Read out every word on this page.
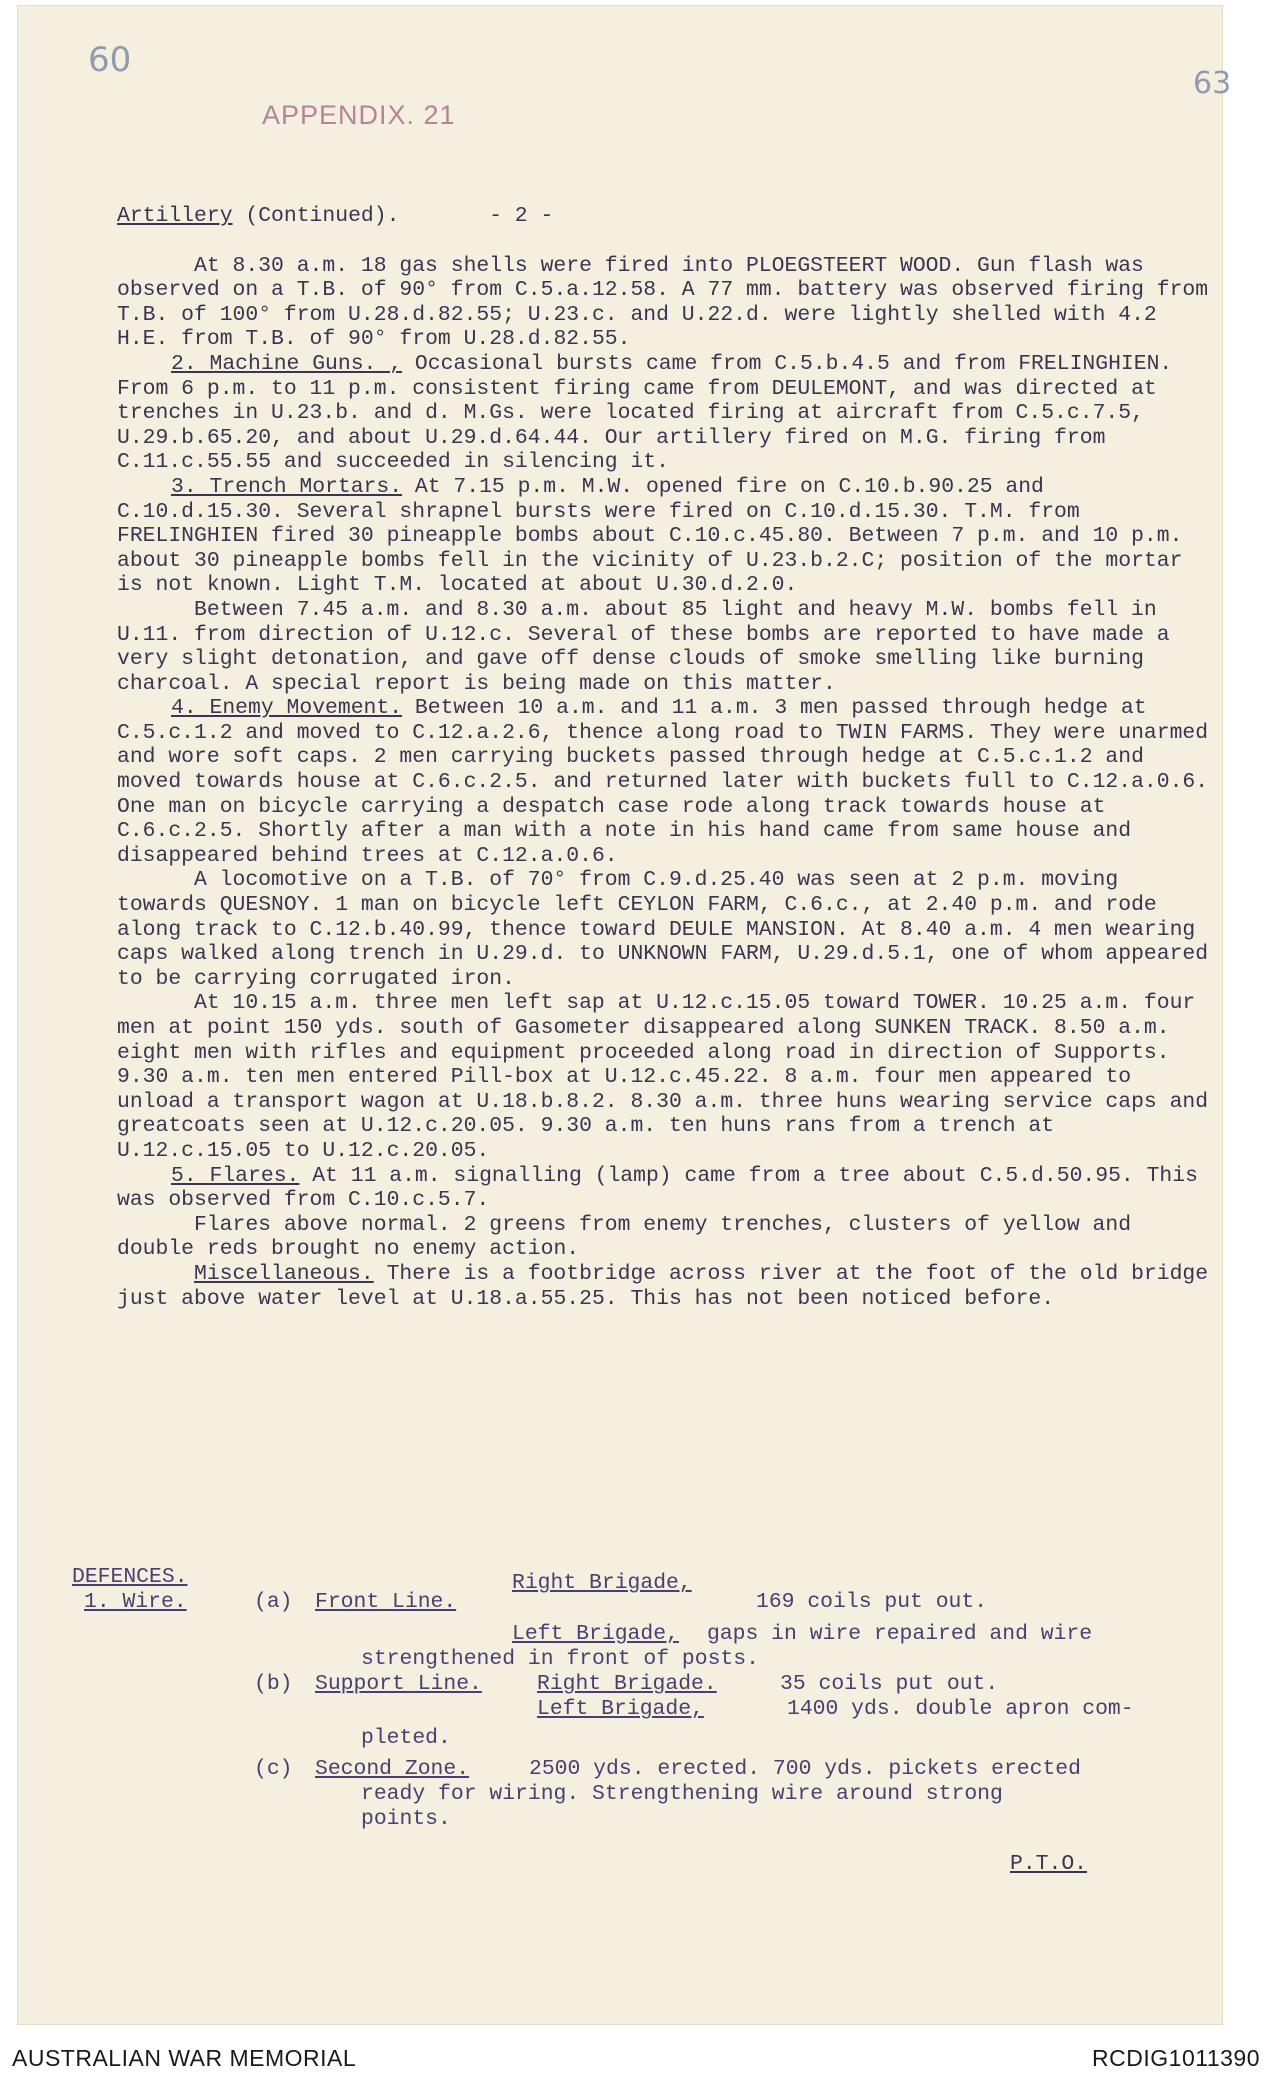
60
63
APPENDIX. 21

Artillery (Continued).	- 2 -

At 8.30 a.m. 18 gas shells were fired into PLOEGSTEERT WOOD. Gun flash was observed on a T.B. of 90° from C.5.a.12.58. A 77 mm. battery was observed firing from T.B. of 100° from U.28.d.82.55; U.23.c. and U.22.d. were lightly shelled with 4.2 H.E. from T.B. of 90° from U.28.d.82.55.

2. Machine Guns. , Occasional bursts came from C.5.b.4.5 and from FRELINGHIEN. From 6 p.m. to 11 p.m. consistent firing came from DEULEMONT, and was directed at trenches in U.23.b. and d. M.Gs. were located firing at aircraft from C.5.c.7.5, U.29.b.65.20, and about U.29.d.64.44. Our artillery fired on M.G. firing from C.11.c.55.55 and succeeded in silencing it.

3. Trench Mortars. At 7.15 p.m. M.W. opened fire on C.10.b.90.25 and C.10.d.15.30. Several shrapnel bursts were fired on C.10.d.15.30. T.M. from FRELINGHIEN fired 30 pineapple bombs about C.10.c.45.80. Between 7 p.m. and 10 p.m. about 30 pineapple bombs fell in the vicinity of U.23.b.2.C; position of the mortar is not known. Light T.M. located at about U.30.d.2.0.

Between 7.45 a.m. and 8.30 a.m. about 85 light and heavy M.W. bombs fell in U.11. from direction of U.12.c. Several of these bombs are reported to have made a very slight detonation, and gave off dense clouds of smoke smelling like burning charcoal. A special report is being made on this matter.

4. Enemy Movement. Between 10 a.m. and 11 a.m. 3 men passed through hedge at C.5.c.1.2 and moved to C.12.a.2.6, thence along road to TWIN FARMS. They were unarmed and wore soft caps. 2 men carrying buckets passed through hedge at C.5.c.1.2 and moved towards house at C.6.c.2.5. and returned later with buckets full to C.12.a.0.6. One man on bicycle carrying a despatch case rode along track towards house at C.6.c.2.5. Shortly after a man with a note in his hand came from same house and disappeared behind trees at C.12.a.0.6.

A locomotive on a T.B. of 70° from C.9.d.25.40 was seen at 2 p.m. moving towards QUESNOY. 1 man on bicycle left CEYLON FARM, C.6.c., at 2.40 p.m. and rode along track to C.12.b.40.99, thence toward DEULE MANSION. At 8.40 a.m. 4 men wearing caps walked along trench in U.29.d. to UNKNOWN FARM, U.29.d.5.1, one of whom appeared to be carrying corrugated iron.

At 10.15 a.m. three men left sap at U.12.c.15.05 toward TOWER. 10.25 a.m. four men at point 150 yds. south of Gasometer disappeared along SUNKEN TRACK. 8.50 a.m. eight men with rifles and equipment proceeded along road in direction of Supports. 9.30 a.m. ten men entered Pill-box at U.12.c.45.22. 8 a.m. four men appeared to unload a transport wagon at U.18.b.8.2. 8.30 a.m. three huns wearing service caps and greatcoats seen at U.12.c.20.05. 9.30 a.m. ten huns rans from a trench at U.12.c.15.05 to U.12.c.20.05.

5. Flares. At 11 a.m. signalling (lamp) came from a tree about C.5.d.50.95. This was observed from C.10.c.5.7.

Flares above normal. 2 greens from enemy trenches, clusters of yellow and double reds brought no enemy action.

Miscellaneous. There is a footbridge across river at the foot of the old bridge just above water level at U.18.a.55.25. This has not been noticed before.

DEFENCES.	Right Brigade,
1. Wire.	(a) Front Line.	169 coils put out.
Left Brigade, gaps in wire repaired and wire
strengthened in front of posts.
(b) Support Line.	Right Brigade.	35 coils put out.
Left Brigade,	1400 yds. double apron com-
pleted.
(c) Second Zone.	2500 yds. erected. 700 yds. pickets erected
ready for wiring. Strengthening wire around strong
points.
P.T.O.
AUSTRALIAN WAR MEMORIAL	RCDIG1011390
